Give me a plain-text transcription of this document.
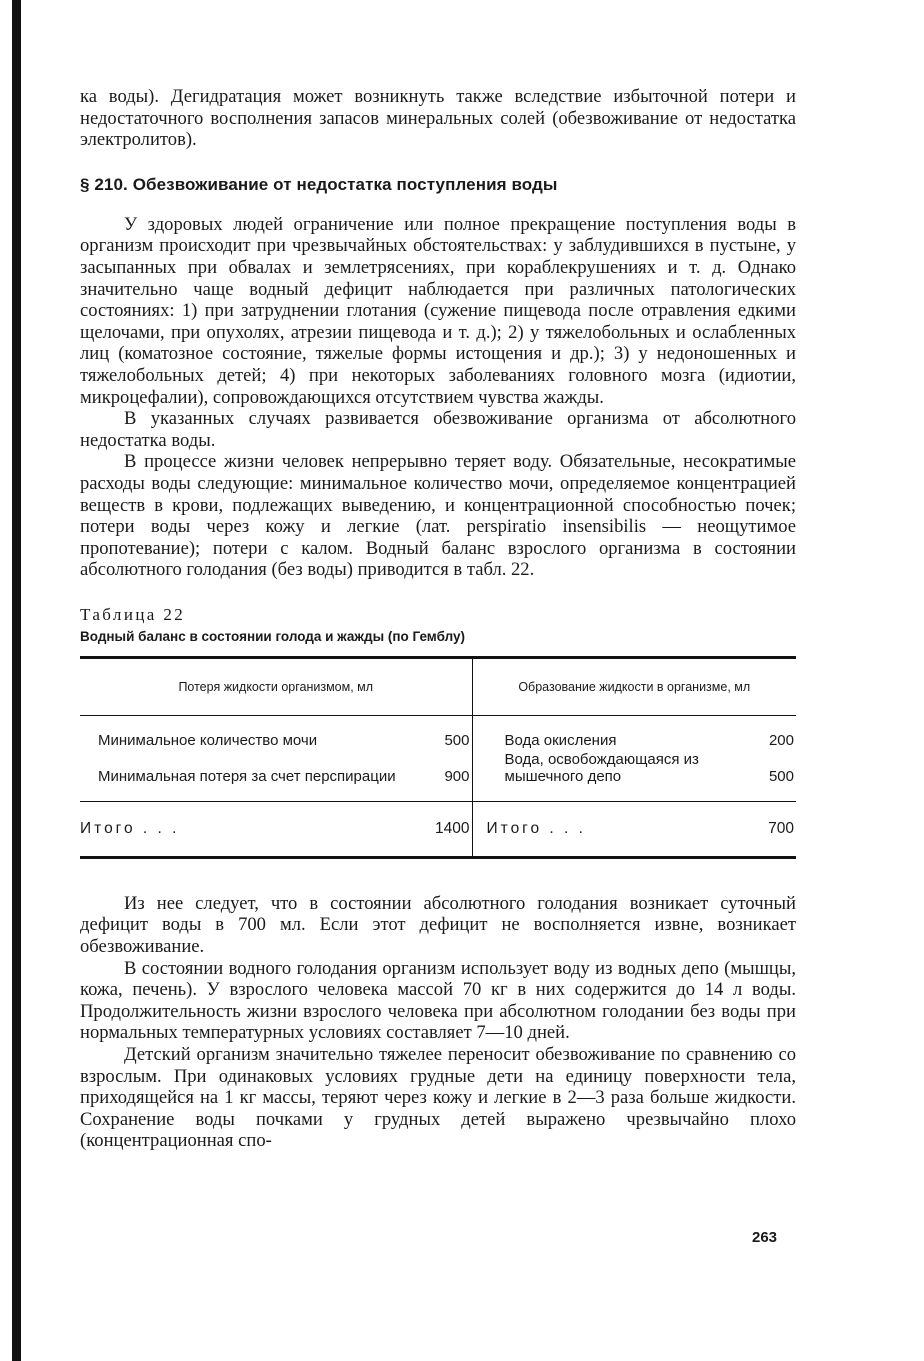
ка воды). Дегидратация может возникнуть также вследствие избыточной потери и недостаточного восполнения запасов минеральных солей (обезвоживание от недостатка электролитов).

§ 210. Обезвоживание от недостатка поступления воды

У здоровых людей ограничение или полное прекращение поступления воды в организм происходит при чрезвычайных обстоятельствах: у заблудившихся в пустыне, у засыпанных при обвалах и землетрясениях, при кораблекрушениях и т. д. Однако значительно чаще водный дефицит наблюдается при различных патологических состояниях: 1) при затруднении глотания (сужение пищевода после отравления едкими щелочами, при опухолях, атрезии пищевода и т. д.); 2) у тяжелобольных и ослабленных лиц (коматозное состояние, тяжелые формы истощения и др.); 3) у недоношенных и тяжелобольных детей; 4) при некоторых заболеваниях головного мозга (идиотии, микроцефалии), сопровождающихся отсутствием чувства жажды.

В указанных случаях развивается обезвоживание организма от абсолютного недостатка воды.

В процессе жизни человек непрерывно теряет воду. Обязательные, несократимые расходы воды следующие: минимальное количество мочи, определяемое концентрацией веществ в крови, подлежащих выведению, и концентрационной способностью почек; потери воды через кожу и легкие (лат. perspiratio insensibilis — неощутимое пропотевание); потери с калом. Водный баланс взрослого организма в состоянии абсолютного голодания (без воды) приводится в табл. 22.

Таблица 22
Водный баланс в состоянии голода и жажды (по Гемблу)
Потеря жидкости организмом, мл		Образование жидкости в организме, мл	
Минимальное количество мочи	500	Вода окисления	200
Минимальная потеря за счет перспирации	900	Вода, освобождающаяся из мышечного депо	500
Итого . . .	1400	Итого . . .	700

Из нее следует, что в состоянии абсолютного голодания возникает суточный дефицит воды в 700 мл. Если этот дефицит не восполняется извне, возникает обезвоживание.

В состоянии водного голодания организм использует воду из водных депо (мышцы, кожа, печень). У взрослого человека массой 70 кг в них содержится до 14 л воды. Продолжительность жизни взрослого человека при абсолютном голодании без воды при нормальных температурных условиях составляет 7—10 дней.

Детский организм значительно тяжелее переносит обезвоживание по сравнению со взрослым. При одинаковых условиях грудные дети на единицу поверхности тела, приходящейся на 1 кг массы, теряют через кожу и легкие в 2—3 раза больше жидкости. Сохранение воды почками у грудных детей выражено чрезвычайно плохо (концентрационная спо-

263
